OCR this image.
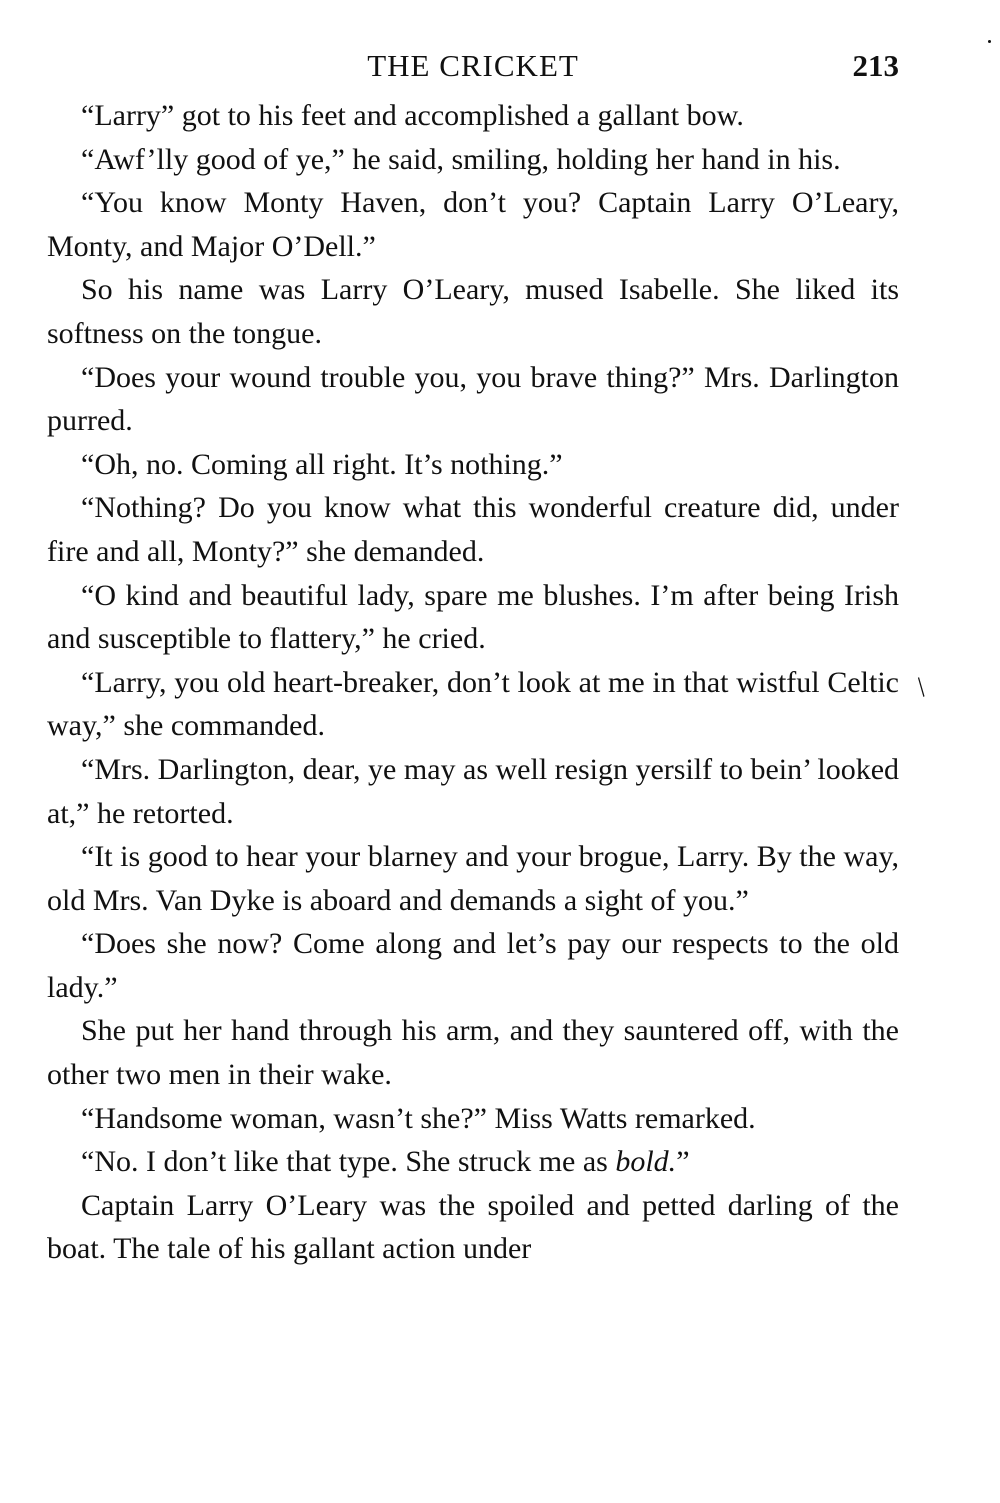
THE CRICKET	213

“Larry” got to his feet and accomplished a gallant bow.

“Awf’lly good of ye,” he said, smiling, holding her hand in his.

“You know Monty Haven, don’t you? Captain Larry O’Leary, Monty, and Major O’Dell.”

So his name was Larry O’Leary, mused Isabelle. She liked its softness on the tongue.

“Does your wound trouble you, you brave thing?” Mrs. Darlington purred.

“Oh, no. Coming all right. It’s nothing.”

“Nothing? Do you know what this wonderful creature did, under fire and all, Monty?” she demanded.

“O kind and beautiful lady, spare me blushes. I’m after being Irish and susceptible to flattery,” he cried.

“Larry, you old heart-breaker, don’t look at me in that wistful Celtic way,” she commanded.

“Mrs. Darlington, dear, ye may as well resign yersilf to bein’ looked at,” he retorted.

“It is good to hear your blarney and your brogue, Larry. By the way, old Mrs. Van Dyke is aboard and demands a sight of you.”

“Does she now? Come along and let’s pay our respects to the old lady.”

She put her hand through his arm, and they sauntered off, with the other two men in their wake.

“Handsome woman, wasn’t she?” Miss Watts remarked.

“No. I don’t like that type. She struck me as bold.”

Captain Larry O’Leary was the spoiled and petted darling of the boat. The tale of his gallant action under

/
